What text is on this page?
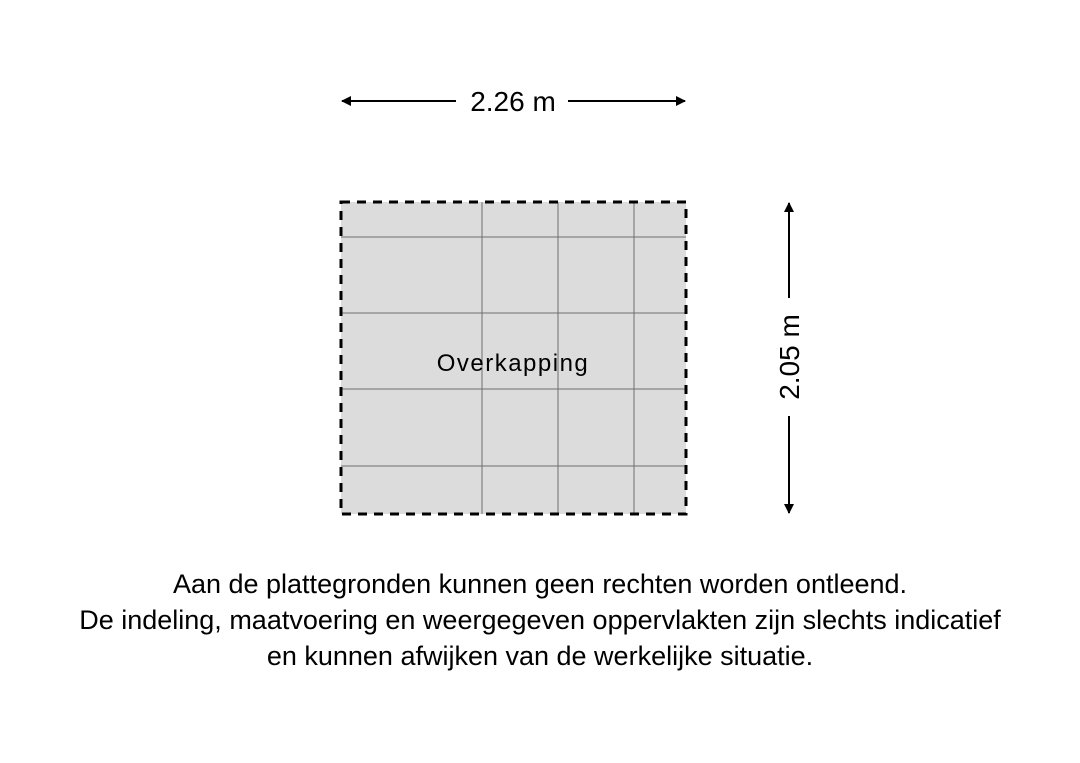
Overkapping
2.26 m
2.05 m
Aan de plattegronden kunnen geen rechten worden ontleend.
De indeling, maatvoering en weergegeven oppervlakten zijn slechts indicatief
en kunnen afwijken van de werkelijke situatie.
